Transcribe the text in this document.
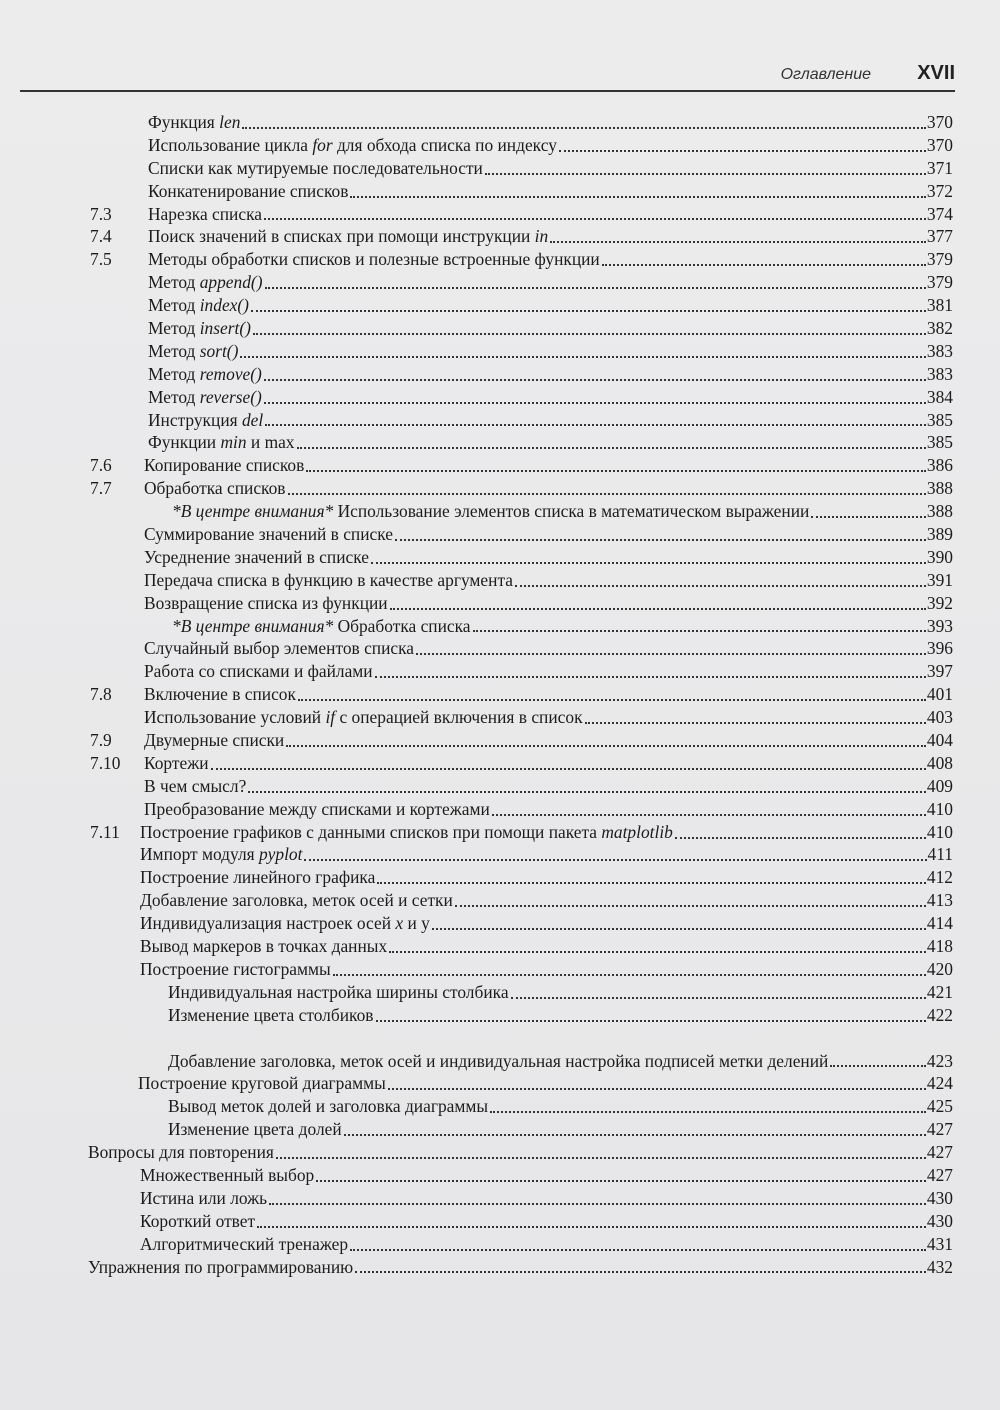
Оглавление XVII
Функция len	370
Использование цикла for для обхода списка по индексу	370
Списки как мутируемые последовательности	371
Конкатенирование списков	372
7.3	Нарезка списка	374
7.4	Поиск значений в списках при помощи инструкции in	377
7.5	Методы обработки списков и полезные встроенные функции	379
Метод append()	379
Метод index()	381
Метод insert()	382
Метод sort()	383
Метод remove()	383
Метод reverse()	384
Инструкция del	385
Функции min и max	385
7.6	Копирование списков	386
7.7	Обработка списков	388
*В центре внимания* Использование элементов списка в математическом выражении	388
Суммирование значений в списке	389
Усреднение значений в списке	390
Передача списка в функцию в качестве аргумента	391
Возвращение списка из функции	392
*В центре внимания* Обработка списка	393
Случайный выбор элементов списка	396
Работа со списками и файлами	397
7.8	Включение в список	401
Использование условий if с операцией включения в список	403
7.9	Двумерные списки	404
7.10	Кортежи	408
В чем смысл?	409
Преобразование между списками и кортежами	410
7.11	Построение графиков с данными списков при помощи пакета matplotlib	410
Импорт модуля pyplot	411
Построение линейного графика	412
Добавление заголовка, меток осей и сетки	413
Индивидуализация настроек осей x и y	414
Вывод маркеров в точках данных	418
Построение гистограммы	420
Индивидуальная настройка ширины столбика	421
Изменение цвета столбиков	422
Добавление заголовка, меток осей и индивидуальная настройка подписей метки делений	423
Построение круговой диаграммы	424
Вывод меток долей и заголовка диаграммы	425
Изменение цвета долей	427
Вопросы для повторения	427
Множественный выбор	427
Истина или ложь	430
Короткий ответ	430
Алгоритмический тренажер	431
Упражнения по программированию	432
